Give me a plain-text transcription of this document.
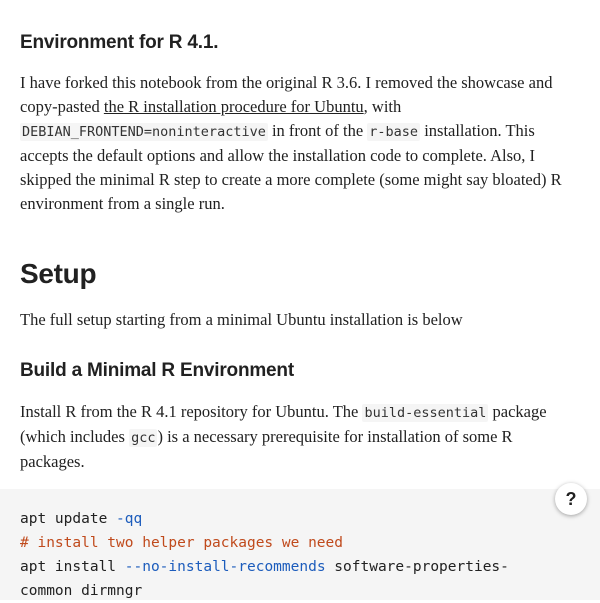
Environment for R 4.1.

I have forked this notebook from the original R 3.6. I removed the showcase and copy-pasted the R installation procedure for Ubuntu, with DEBIAN_FRONTEND=noninteractive in front of the r-base installation. This accepts the default options and allow the installation code to complete. Also, I skipped the minimal R step to create a more complete (some might say bloated) R environment from a single run.

Setup

The full setup starting from a minimal Ubuntu installation is below

Build a Minimal R Environment

Install R from the R 4.1 repository for Ubuntu. The build-essential package (which includes gcc ) is a necessary prerequisite for installation of some R packages.

apt update -qq
# install two helper packages we need
apt install --no-install-recommends software-properties-
common dirmngr
?
